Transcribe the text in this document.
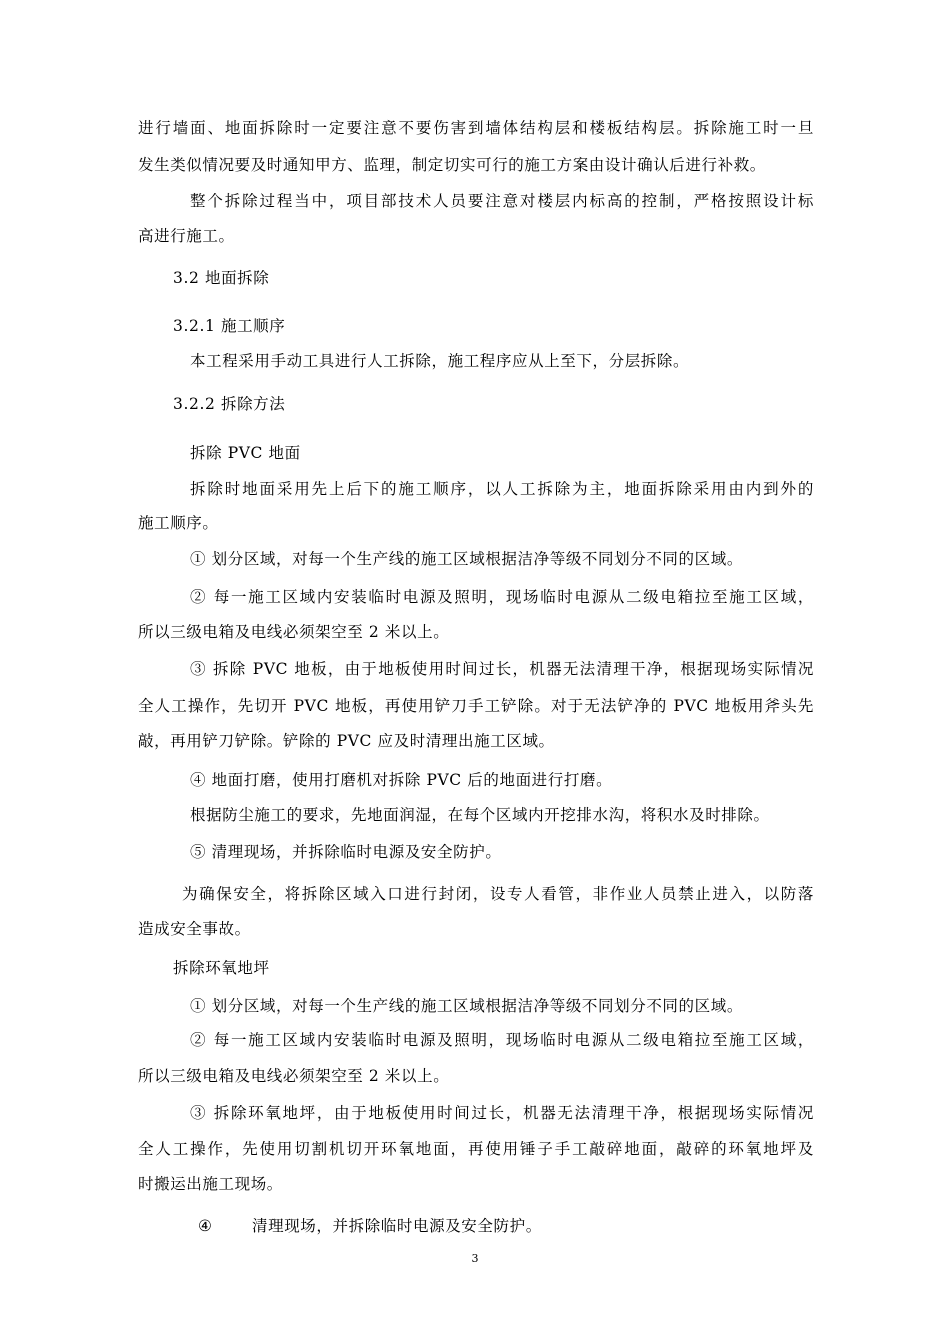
进行墙面、地面拆除时一定要注意不要伤害到墙体结构层和楼板结构层。拆除施工时一旦
发生类似情况要及时通知甲方、监理，制定切实可行的施工方案由设计确认后进行补救。
整个拆除过程当中，项目部技术人员要注意对楼层内标高的控制，严格按照设计标
高进行施工。
3.2 地面拆除
3.2.1 施工顺序
本工程采用手动工具进行人工拆除，施工程序应从上至下，分层拆除。
3.2.2 拆除方法
拆除 PVC 地面
拆除时地面采用先上后下的施工顺序，以人工拆除为主，地面拆除采用由内到外的
施工顺序。
① 划分区域，对每一个生产线的施工区域根据洁净等级不同划分不同的区域。
② 每一施工区域内安装临时电源及照明，现场临时电源从二级电箱拉至施工区域，
所以三级电箱及电线必须架空至 2 米以上。
③ 拆除 PVC 地板，由于地板使用时间过长，机器无法清理干净，根据现场实际情况
全人工操作，先切开 PVC 地板，再使用铲刀手工铲除。对于无法铲净的 PVC 地板用斧头先
敲，再用铲刀铲除。铲除的 PVC 应及时清理出施工区域。
④ 地面打磨，使用打磨机对拆除 PVC 后的地面进行打磨。
根据防尘施工的要求，先地面润湿，在每个区域内开挖排水沟，将积水及时排除。
⑤ 清理现场，并拆除临时电源及安全防护。
为确保安全，将拆除区域入口进行封闭，设专人看管，非作业人员禁止进入，以防落
造成安全事故。
拆除环氧地坪
① 划分区域，对每一个生产线的施工区域根据洁净等级不同划分不同的区域。
② 每一施工区域内安装临时电源及照明，现场临时电源从二级电箱拉至施工区域，
所以三级电箱及电线必须架空至 2 米以上。
③ 拆除环氧地坪，由于地板使用时间过长，机器无法清理干净，根据现场实际情况
全人工操作，先使用切割机切开环氧地面，再使用锤子手工敲碎地面，敲碎的环氧地坪及
时搬运出施工现场。
④	清理现场，并拆除临时电源及安全防护。
3
